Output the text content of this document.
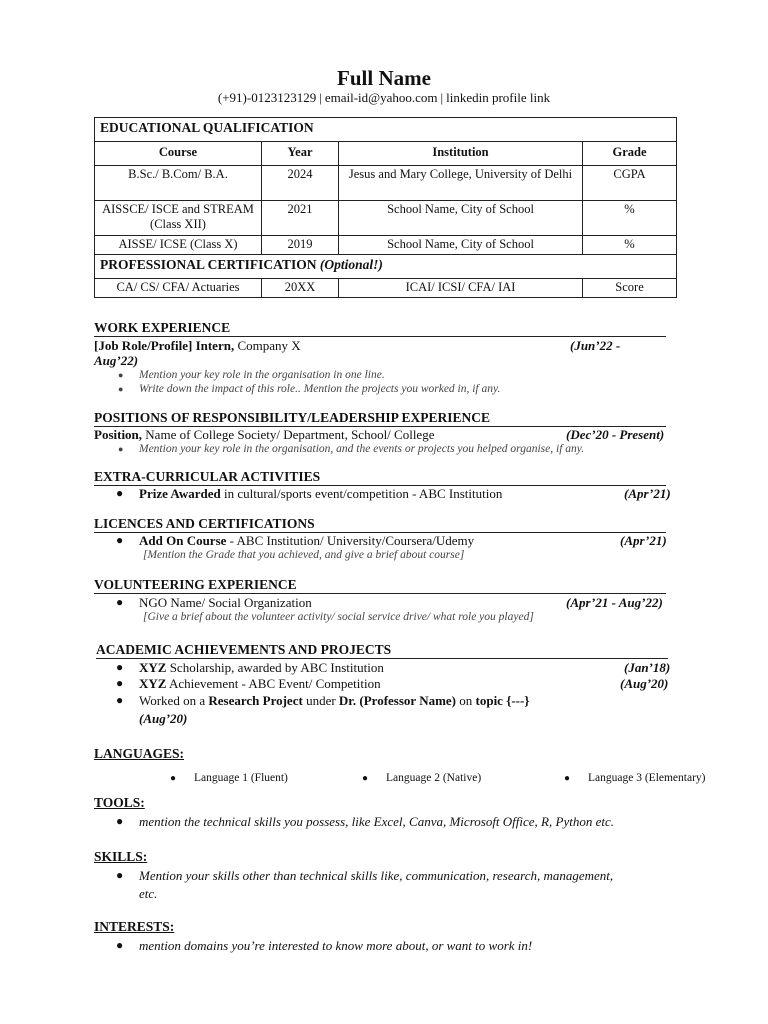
Full Name
(+91)-0123123129 | email-id@yahoo.com | linkedin profile link
EDUCATIONAL QUALIFICATION			
Course	Year	Institution	Grade
B.Sc./ B.Com/ B.A.	2024	Jesus and Mary College, University of Delhi	CGPA
AISSCE/ ISCE and STREAM (Class XII)	2021	School Name, City of School	%
AISSE/ ICSE (Class X)	2019	School Name, City of School	%
PROFESSIONAL CERTIFICATION (Optional!)			
CA/ CS/ CFA/ Actuaries	20XX	ICAI/ ICSI/ CFA/ IAI	Score
WORK EXPERIENCE
[Job Role/Profile] Intern, Company X	(Jun’22 -
Aug’22)
● Mention your key role in the organisation in one line.
● Write down the impact of this role.. Mention the projects you worked in, if any.
POSITIONS OF RESPONSIBILITY/LEADERSHIP EXPERIENCE
Position, Name of College Society/ Department, School/ College	(Dec’20 - Present)
● Mention your key role in the organisation, and the events or projects you helped organise, if any.
EXTRA-CURRICULAR ACTIVITIES
● Prize Awarded in cultural/sports event/competition - ABC Institution	(Apr’21)
LICENCES AND CERTIFICATIONS
● Add On Course - ABC Institution/ University/Coursera/Udemy	(Apr’21)
[Mention the Grade that you achieved, and give a brief about course]
VOLUNTEERING EXPERIENCE
● NGO Name/ Social Organization	(Apr’21 - Aug’22)
[Give a brief about the volunteer activity/ social service drive/ what role you played]
ACADEMIC ACHIEVEMENTS AND PROJECTS
● XYZ Scholarship, awarded by ABC Institution	(Jan’18)
● XYZ Achievement - ABC Event/ Competition	(Aug’20)
● Worked on a Research Project under Dr. (Professor Name) on topic {---}
(Aug’20)
LANGUAGES:
● Language 1 (Fluent)	● Language 2 (Native)	● Language 3 (Elementary)
TOOLS:
● mention the technical skills you possess, like Excel, Canva, Microsoft Office, R, Python etc.
SKILLS:
● Mention your skills other than technical skills like, communication, research, management,
etc.
INTERESTS:
● mention domains you’re interested to know more about, or want to work in!
